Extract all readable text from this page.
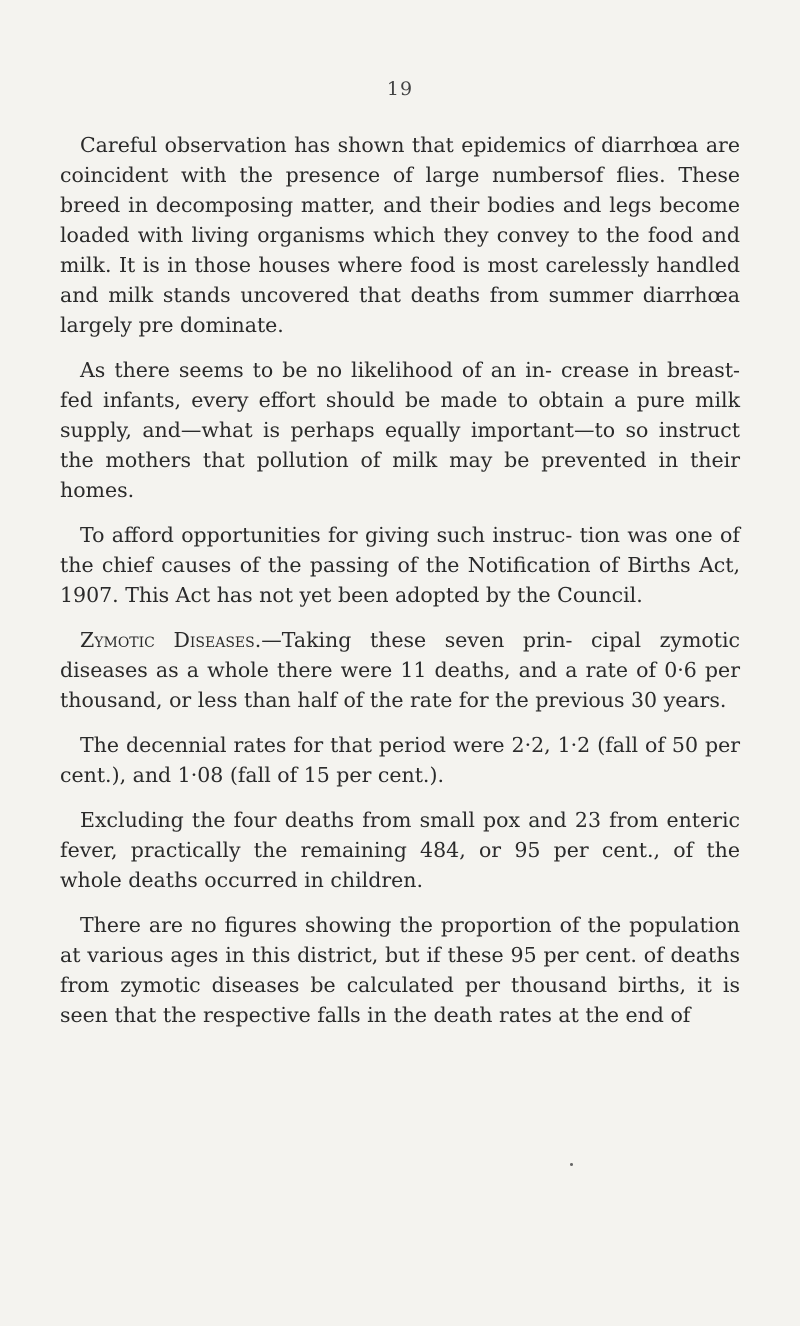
19

Careful observation has shown that epidemics of diarrhœa are coincident with the presence of large numbersof flies. These breed in decomposing matter, and their bodies and legs become loaded with living organisms which they convey to the food and milk. It is in those houses where food is most carelessly handled and milk stands uncovered that deaths from summer diarrhœa largely pre dominate.

As there seems to be no likelihood of an in- crease in breast-fed infants, every effort should be made to obtain a pure milk supply, and—what is perhaps equally important—to so instruct the mothers that pollution of milk may be prevented in their homes.

To afford opportunities for giving such instruc- tion was one of the chief causes of the passing of the Notification of Births Act, 1907. This Act has not yet been adopted by the Council.

Zymotic Diseases.—Taking these seven prin- cipal zymotic diseases as a whole there were 11 deaths, and a rate of 0·6 per thousand, or less than half of the rate for the previous 30 years.

The decennial rates for that period were 2·2, 1·2 (fall of 50 per cent.), and 1·08 (fall of 15 per cent.).

Excluding the four deaths from small pox and 23 from enteric fever, practically the remaining 484, or 95 per cent., of the whole deaths occurred in children.

There are no figures showing the proportion of the population at various ages in this district, but if these 95 per cent. of deaths from zymotic diseases be calculated per thousand births, it is seen that the respective falls in the death rates at the end of
